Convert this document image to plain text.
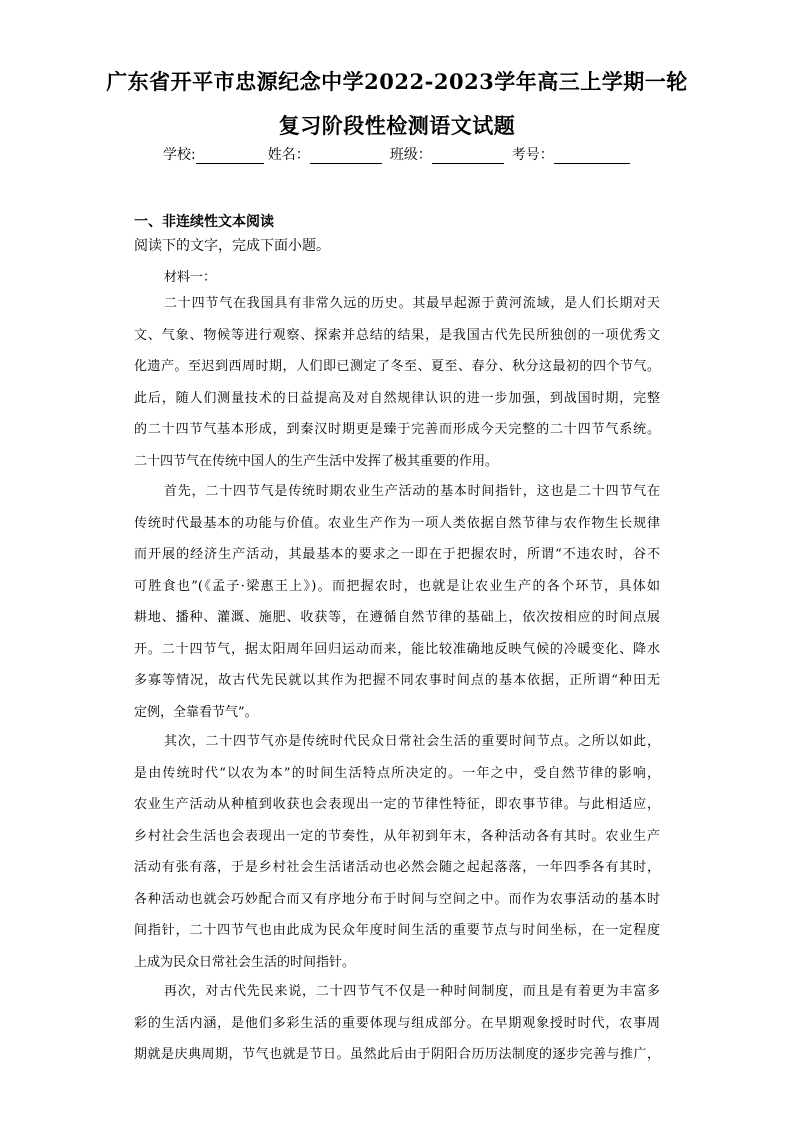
广东省开平市忠源纪念中学2022-2023学年高三上学期一轮
复习阶段性检测语文试题
学校:	姓名：	班级：	考号：
一、非连续性文本阅读
阅读下的文字，完成下面小题。
材料一：
二十四节气在我国具有非常久远的历史。其最早起源于黄河流域，是人们长期对天
文、气象、物候等进行观察、探索并总结的结果，是我国古代先民所独创的一项优秀文
化遗产。至迟到西周时期，人们即已测定了冬至、夏至、春分、秋分这最初的四个节气。
此后，随人们测量技术的日益提高及对自然规律认识的进一步加强，到战国时期，完整
的二十四节气基本形成，到秦汉时期更是臻于完善而形成今天完整的二十四节气系统。
二十四节气在传统中国人的生产生活中发挥了极其重要的作用。
首先，二十四节气是传统时期农业生产活动的基本时间指针，这也是二十四节气在
传统时代最基本的功能与价值。农业生产作为一项人类依据自然节律与农作物生长规律
而开展的经济生产活动，其最基本的要求之一即在于把握农时，所谓“不违农时，谷不
可胜食也”(《孟子·梁惠王上》)。而把握农时，也就是让农业生产的各个环节，具体如
耕地、播种、灌溉、施肥、收获等，在遵循自然节律的基础上，依次按相应的时间点展
开。二十四节气，据太阳周年回归运动而来，能比较准确地反映气候的冷暖变化、降水
多寡等情况，故古代先民就以其作为把握不同农事时间点的基本依据，正所谓“种田无
定例，全靠看节气”。
其次，二十四节气亦是传统时代民众日常社会生活的重要时间节点。之所以如此，
是由传统时代“以农为本”的时间生活特点所决定的。一年之中，受自然节律的影响，
农业生产活动从种植到收获也会表现出一定的节律性特征，即农事节律。与此相适应，
乡村社会生活也会表现出一定的节奏性，从年初到年末，各种活动各有其时。农业生产
活动有张有落，于是乡村社会生活诸活动也必然会随之起起落落，一年四季各有其时，
各种活动也就会巧妙配合而又有序地分布于时间与空间之中。而作为农事活动的基本时
间指针，二十四节气也由此成为民众年度时间生活的重要节点与时间坐标，在一定程度
上成为民众日常社会生活的时间指针。
再次，对古代先民来说，二十四节气不仅是一种时间制度，而且是有着更为丰富多
彩的生活内涵，是他们多彩生活的重要体现与组成部分。在早期观象授时时代，农事周
期就是庆典周期，节气也就是节日。虽然此后由于阴阳合历历法制度的逐步完善与推广，
